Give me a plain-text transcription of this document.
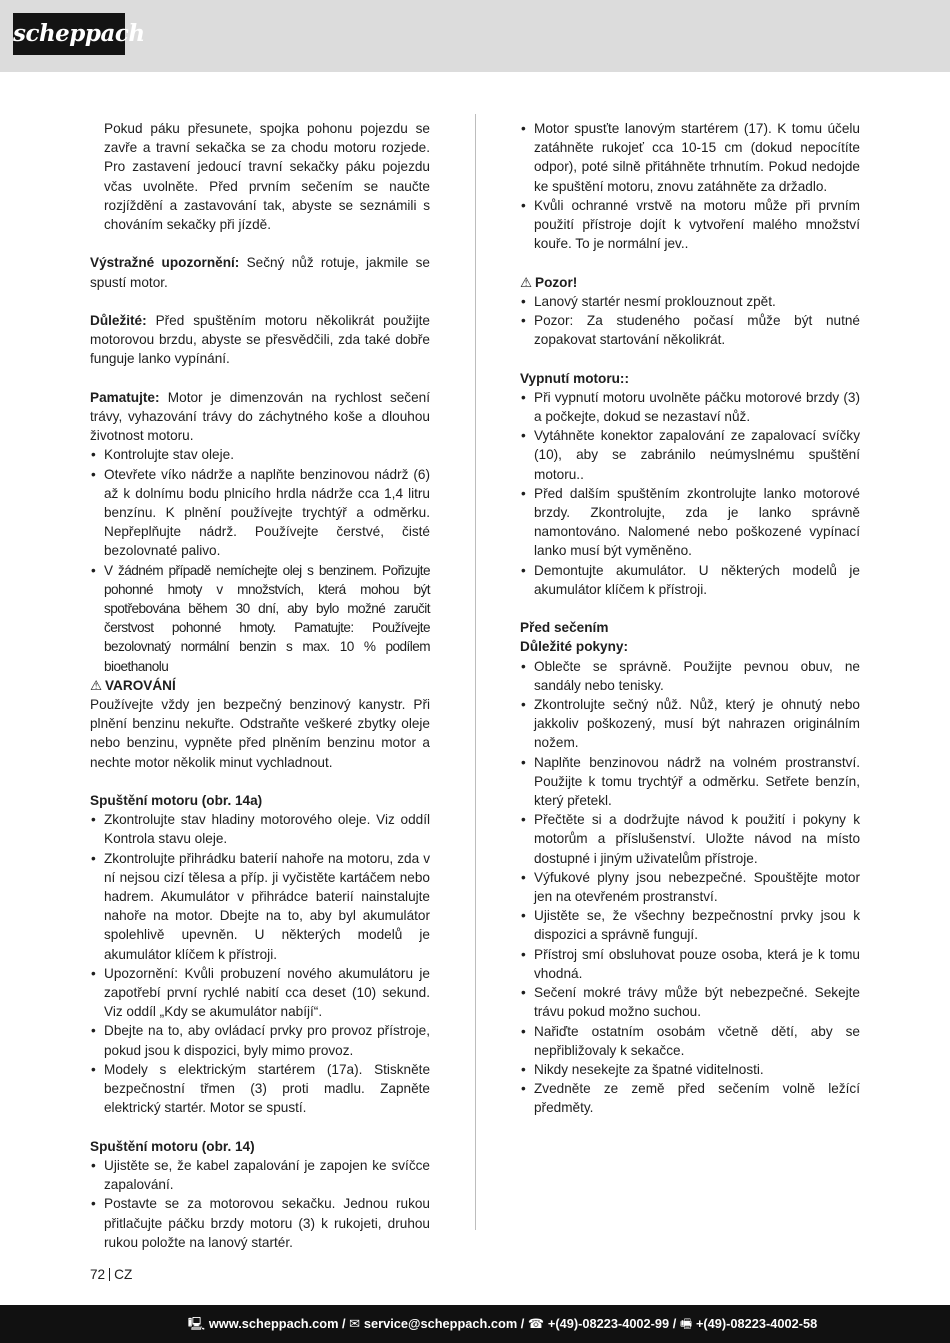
scheppach

Pokud páku přesunete, spojka pohonu pojezdu se zavře a travní sekačka se za chodu motoru rozjede. Pro zastavení jedoucí travní sekačky páku pojezdu včas uvolněte. Před prvním sečením se naučte rozjíždění a zastavování tak, abyste se seznámili s chováním sekačky při jízdě.

Výstražné upozornění: Sečný nůž rotuje, jakmile se spustí motor.

Důležité: Před spuštěním motoru několikrát použijte motorovou brzdu, abyste se přesvědčili, zda také dobře funguje lanko vypínání.

Pamatujte: Motor je dimenzován na rychlost sečení trávy, vyhazování trávy do záchytného koše a dlouhou životnost motoru.

• Kontrolujte stav oleje.
• Otevřete víko nádrže a naplňte benzinovou nádrž (6) až k dolnímu bodu plnicího hrdla nádrže cca 1,4 litru benzínu. K plnění používejte trychtýř a odměrku. Nepřeplňujte nádrž. Používejte čerstvé, čisté bezolovnaté palivo.
• V žádném případě nemíchejte olej s benzinem. Pořizujte pohonné hmoty v množstvích, která mohou být spotřebována během 30 dní, aby bylo možné zaručit čerstvost pohonné hmoty. Pamatujte: Používejte bezolovnatý normální benzin s max. 10 % podílem bioethanolu

⚠ VAROVÁNÍ

Používejte vždy jen bezpečný benzinový kanystr. Při plnění benzinu nekuřte. Odstraňte veškeré zbytky oleje nebo benzinu, vypněte před plněním benzinu motor a nechte motor několik minut vychladnout.

Spuštění motoru (obr. 14a)

• Zkontrolujte stav hladiny motorového oleje. Viz oddíl Kontrola stavu oleje.
• Zkontrolujte přihrádku baterií nahoře na motoru, zda v ní nejsou cizí tělesa a příp. ji vyčistěte kartáčem nebo hadrem. Akumulátor v přihrádce baterií nainstalujte nahoře na motor. Dbejte na to, aby byl akumulátor spolehlivě upevněn. U některých modelů je akumulátor klíčem k přístroji.
• Upozornění: Kvůli probuzení nového akumulátoru je zapotřebí první rychlé nabití cca deset (10) sekund. Viz oddíl „Kdy se akumulátor nabíjí“.
• Dbejte na to, aby ovládací prvky pro provoz přístroje, pokud jsou k dispozici, byly mimo provoz.
• Modely s elektrickým startérem (17a). Stiskněte bezpečnostní třmen (3) proti madlu. Zapněte elektrický startér. Motor se spustí.

Spuštění motoru (obr. 14)

• Ujistěte se, že kabel zapalování je zapojen ke svíčce zapalování.
• Postavte se za motorovou sekačku. Jednou rukou přitlačujte páčku brzdy motoru (3) k rukojeti, druhou rukou položte na lanový startér.
• Motor spusťte lanovým startérem (17). K tomu účelu zatáhněte rukojeť cca 10-15 cm (dokud nepocítíte odpor), poté silně přitáhněte trhnutím. Pokud nedojde ke spuštění motoru, znovu zatáhněte za držadlo.
• Kvůli ochranné vrstvě na motoru může při prvním použití přístroje dojít k vytvoření malého množství kouře. To je normální jev..

⚠ Pozor!

• Lanový startér nesmí proklouznout zpět.
• Pozor: Za studeného počasí může být nutné zopakovat startování několikrát.

Vypnutí motoru::

• Při vypnutí motoru uvolněte páčku motorové brzdy (3) a počkejte, dokud se nezastaví nůž.
• Vytáhněte konektor zapalování ze zapalovací svíčky (10), aby se zabránilo neúmyslnému spuštění motoru..
• Před dalším spuštěním zkontrolujte lanko motorové brzdy. Zkontrolujte, zda je lanko správně namontováno. Nalomené nebo poškozené vypínací lanko musí být vyměněno.
• Demontujte akumulátor. U některých modelů je akumulátor klíčem k přístroji.

Před sečením

Důležité pokyny:

• Oblečte se správně. Použijte pevnou obuv, ne sandály nebo tenisky.
• Zkontrolujte sečný nůž. Nůž, který je ohnutý nebo jakkoliv poškozený, musí být nahrazen originálním nožem.
• Naplňte benzinovou nádrž na volném prostranství. Použijte k tomu trychtýř a odměrku. Setřete benzín, který přetekl.
• Přečtěte si a dodržujte návod k použití i pokyny k motorům a příslušenství. Uložte návod na místo dostupné i jiným uživatelům přístroje.
• Výfukové plyny jsou nebezpečné. Spouštějte motor jen na otevřeném prostranství.
• Ujistěte se, že všechny bezpečnostní prvky jsou k dispozici a správně fungují.
• Přístroj smí obsluhovat pouze osoba, která je k tomu vhodná.
• Sečení mokré trávy může být nebezpečné. Sekejte trávu pokud možno suchou.
• Nařiďte ostatním osobám včetně dětí, aby se nepřibližovaly k sekačce.
• Nikdy nesekejte za špatné viditelnosti.
• Zvedněte ze země před sečením volně ležící předměty.
72 CZ
🖳 www.scheppach.com / ✉ service@scheppach.com / ☎ +(49)-08223-4002-99 / 🖷 +(49)-08223-4002-58
